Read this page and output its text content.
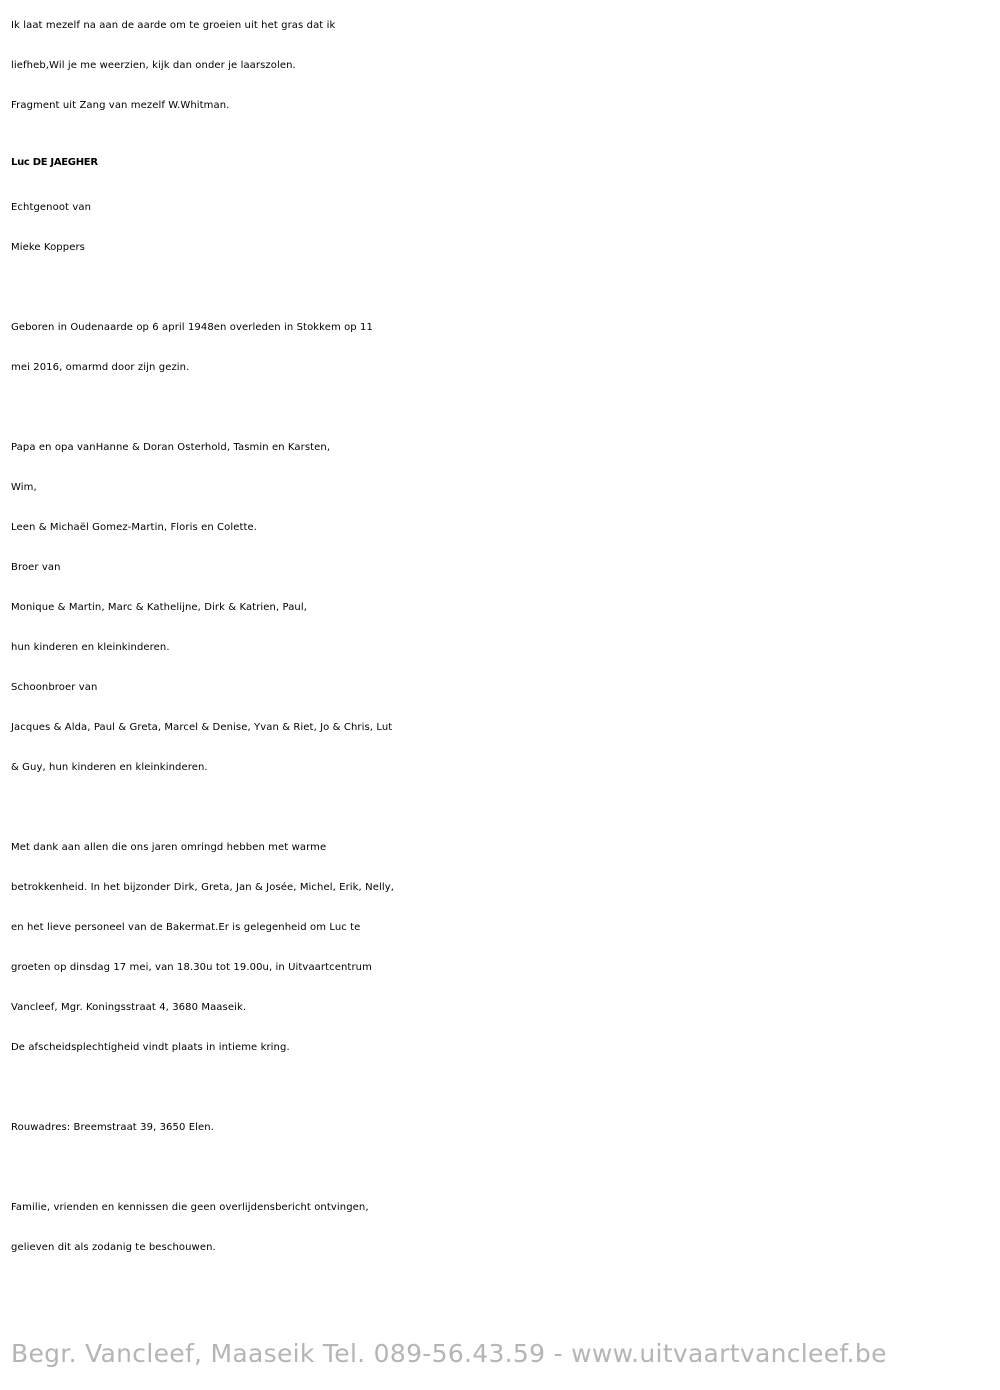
Ik laat mezelf na aan de aarde om te groeien uit het gras dat ik
liefheb,Wil je me weerzien, kijk dan onder je laarszolen.
Fragment uit Zang van mezelf W.Whitman.
Luc DE JAEGHER
Echtgenoot van
Mieke Koppers
Geboren in Oudenaarde op 6 april 1948en overleden in Stokkem op 11
mei 2016, omarmd door zijn gezin.
Papa en opa vanHanne & Doran Osterhold, Tasmin en Karsten,
Wim,
Leen & Michaël Gomez-Martin, Floris en Colette.
Broer van
Monique & Martin, Marc & Kathelijne, Dirk & Katrien, Paul,
hun kinderen en kleinkinderen.
Schoonbroer van
Jacques & Alda, Paul & Greta, Marcel & Denise, Yvan & Riet, Jo & Chris, Lut
& Guy, hun kinderen en kleinkinderen.
Met dank aan allen die ons jaren omringd hebben met warme
betrokkenheid. In het bijzonder Dirk, Greta, Jan & Josée, Michel, Erik, Nelly,
en het lieve personeel van de Bakermat.Er is gelegenheid om Luc te
groeten op dinsdag 17 mei, van 18.30u tot 19.00u, in Uitvaartcentrum
Vancleef, Mgr. Koningsstraat 4, 3680 Maaseik.
De afscheidsplechtigheid vindt plaats in intieme kring.
Rouwadres: Breemstraat 39, 3650 Elen.
Familie, vrienden en kennissen die geen overlijdensbericht ontvingen,
gelieven dit als zodanig te beschouwen.
Begr. Vancleef, Maaseik Tel. 089-56.43.59 - www.uitvaartvancleef.be
